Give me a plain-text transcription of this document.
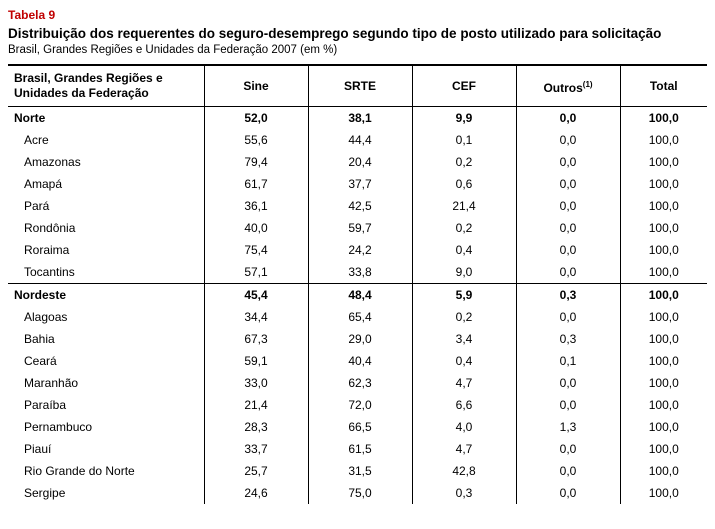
Tabela 9
Distribuição dos requerentes do seguro-desemprego segundo tipo de posto utilizado para solicitação
Brasil, Grandes Regiões e Unidades da Federação 2007 (em %)
Brasil, Grandes Regiões e Unidades da Federação	Sine	SRTE	CEF	Outros$^{(1)}$	Total
Norte	52,0	38,1	9,9	0,0	100,0
Acre	55,6	44,4	0,1	0,0	100,0
Amazonas	79,4	20,4	0,2	0,0	100,0
Amapá	61,7	37,7	0,6	0,0	100,0
Pará	36,1	42,5	21,4	0,0	100,0
Rondônia	40,0	59,7	0,2	0,0	100,0
Roraima	75,4	24,2	0,4	0,0	100,0
Tocantins	57,1	33,8	9,0	0,0	100,0
Nordeste	45,4	48,4	5,9	0,3	100,0
Alagoas	34,4	65,4	0,2	0,0	100,0
Bahia	67,3	29,0	3,4	0,3	100,0
Ceará	59,1	40,4	0,4	0,1	100,0
Maranhão	33,0	62,3	4,7	0,0	100,0
Paraíba	21,4	72,0	6,6	0,0	100,0
Pernambuco	28,3	66,5	4,0	1,3	100,0
Piauí	33,7	61,5	4,7	0,0	100,0
Rio Grande do Norte	25,7	31,5	42,8	0,0	100,0
Sergipe	24,6	75,0	0,3	0,0	100,0
